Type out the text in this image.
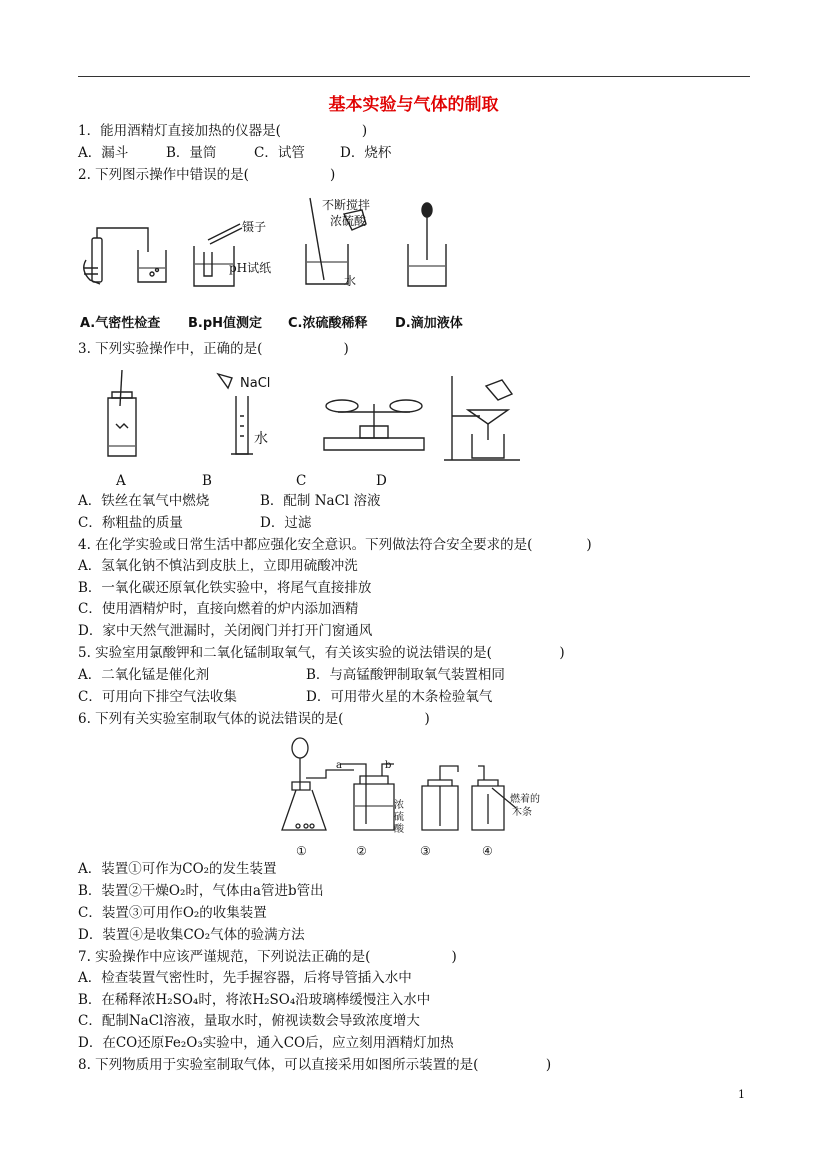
基本实验与气体的制取
1．能用酒精灯直接加热的仪器是(　　　　　　)
A．漏斗	B．量筒	C．试管	D．烧杯
2. 下列图示操作中错误的是(　　　　　　)
镊子
pH试纸
不断搅拌
浓硫酸
水
A.气密性检查 B.pH值测定 C.浓硫酸稀释 D.滴加液体
3. 下列实验操作中，正确的是(　　　　　　)
NaCl
水
A	B	C	D
A．铁丝在氧气中燃烧	B．配制 NaCl 溶液
C．称粗盐的质量	D．过滤
4. 在化学实验或日常生活中都应强化安全意识。下列做法符合安全要求的是(　　　　)
A．氢氧化钠不慎沾到皮肤上，立即用硫酸冲洗
B．一氧化碳还原氧化铁实验中，将尾气直接排放
C．使用酒精炉时，直接向燃着的炉内添加酒精
D．家中天然气泄漏时，关闭阀门并打开门窗通风
5. 实验室用氯酸钾和二氧化锰制取氧气，有关该实验的说法错误的是(　　　　　)
A．二氧化锰是催化剂	B．与高锰酸钾制取氧气装置相同
C．可用向下排空气法收集	D．可用带火星的木条检验氧气
6. 下列有关实验室制取气体的说法错误的是(　　　　　　)
a	b
浓
硫
酸
燃着的
木条
①	②	③	④
A．装置①可作为CO₂的发生装置
B．装置②干燥O₂时，气体由a管进b管出
C．装置③可用作O₂的收集装置
D．装置④是收集CO₂气体的验满方法
7. 实验操作中应该严谨规范，下列说法正确的是(　　　　　　)
A．检查装置气密性时，先手握容器，后将导管插入水中
B．在稀释浓H₂SO₄时，将浓H₂SO₄沿玻璃棒缓慢注入水中
C．配制NaCl溶液，量取水时，俯视读数会导致浓度增大
D．在CO还原Fe₂O₃实验中，通入CO后，应立刻用酒精灯加热
8. 下列物质用于实验室制取气体，可以直接采用如图所示装置的是(　　　　　)
1
